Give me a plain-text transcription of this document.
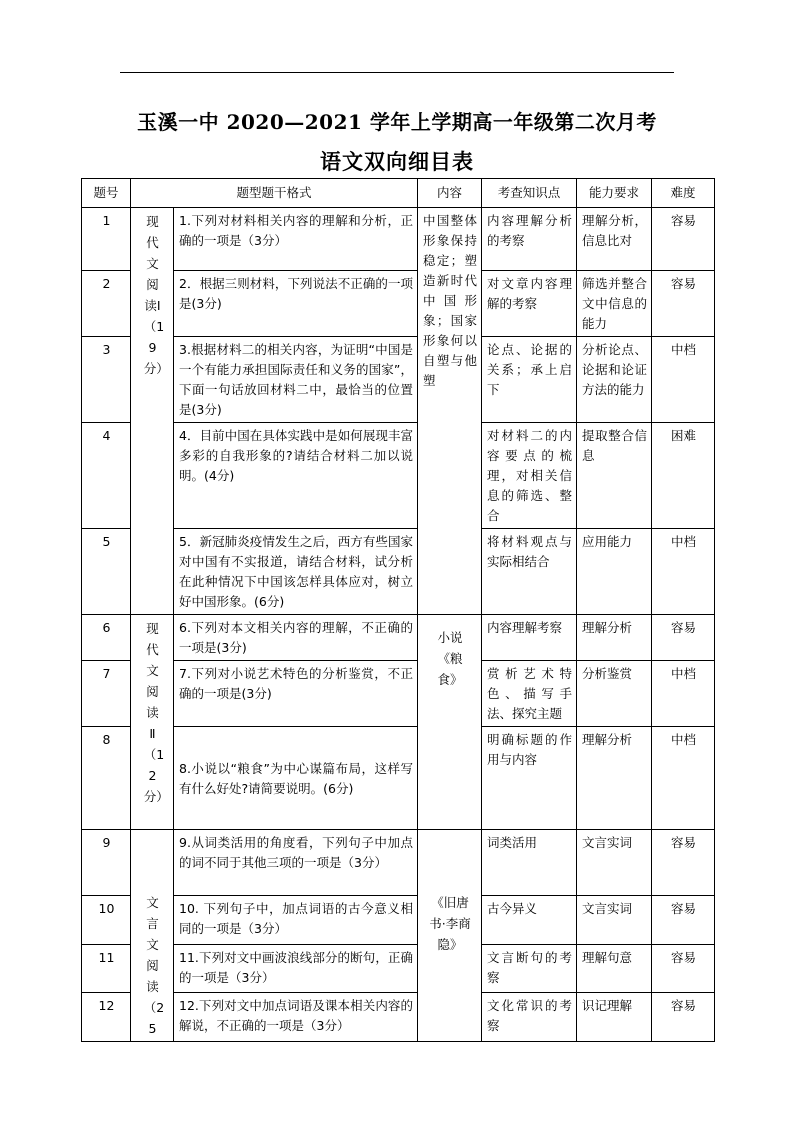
玉溪一中 2020—2021 学年上学期高一年级第二次月考
语文双向细目表
题号	题型题干格式		内容	考查知识点	能力要求	难度
1	现代文阅读Ⅰ（19分）	1.下列对材料相关内容的理解和分析，正确的一项是（3分）	中国整体形象保持稳定；塑造新时代中国形象；国家形象何以自塑与他塑	内容理解分析的考察	理解分析，信息比对	容易
2		2．根据三则材料，下列说法不正确的一项是(3分)		对文章内容理解的考察	筛选并整合文中信息的能力	容易
3		3.根据材料二的相关内容，为证明“中国是一个有能力承担国际责任和义务的国家”，下面一句话放回材料二中，最恰当的位置是(3分)		论点、论据的关系；承上启下	分析论点、论据和论证方法的能力	中档
4		4．目前中国在具体实践中是如何展现丰富多彩的自我形象的?请结合材料二加以说明。(4分)		对材料二的内容要点的梳理，对相关信息的筛选、整合	提取整合信息	困难
5		5．新冠肺炎疫情发生之后，西方有些国家对中国有不实报道，请结合材料，试分析在此种情况下中国该怎样具体应对，树立好中国形象。(6分)		将材料观点与实际相结合	应用能力	中档
6	现代文阅读Ⅱ（12分）	6.下列对本文相关内容的理解，不正确的一项是(3分)	小说《粮食》	内容理解考察	理解分析	容易
7		7.下列对小说艺术特色的分析鉴赏，不正确的一项是(3分)		赏析艺术特色、描写手法、探究主题	分析鉴赏	中档
8		8.小说以“粮食”为中心谋篇布局，这样写有什么好处?请简要说明。(6分)		明确标题的作用与内容	理解分析	中档
9	文言文阅读（25	9.从词类活用的角度看，下列句子中加点的词不同于其他三项的一项是（3分）	《旧唐书·李商隐》	词类活用	文言实词	容易
10		10. 下列句子中，加点词语的古今意义相同的一项是（3分）		古今异义	文言实词	容易
11		11.下列对文中画波浪线部分的断句，正确的一项是（3分）		文言断句的考察	理解句意	容易
12		12.下列对文中加点词语及课本相关内容的解说，不正确的一项是（3分）		文化常识的考察	识记理解	容易
